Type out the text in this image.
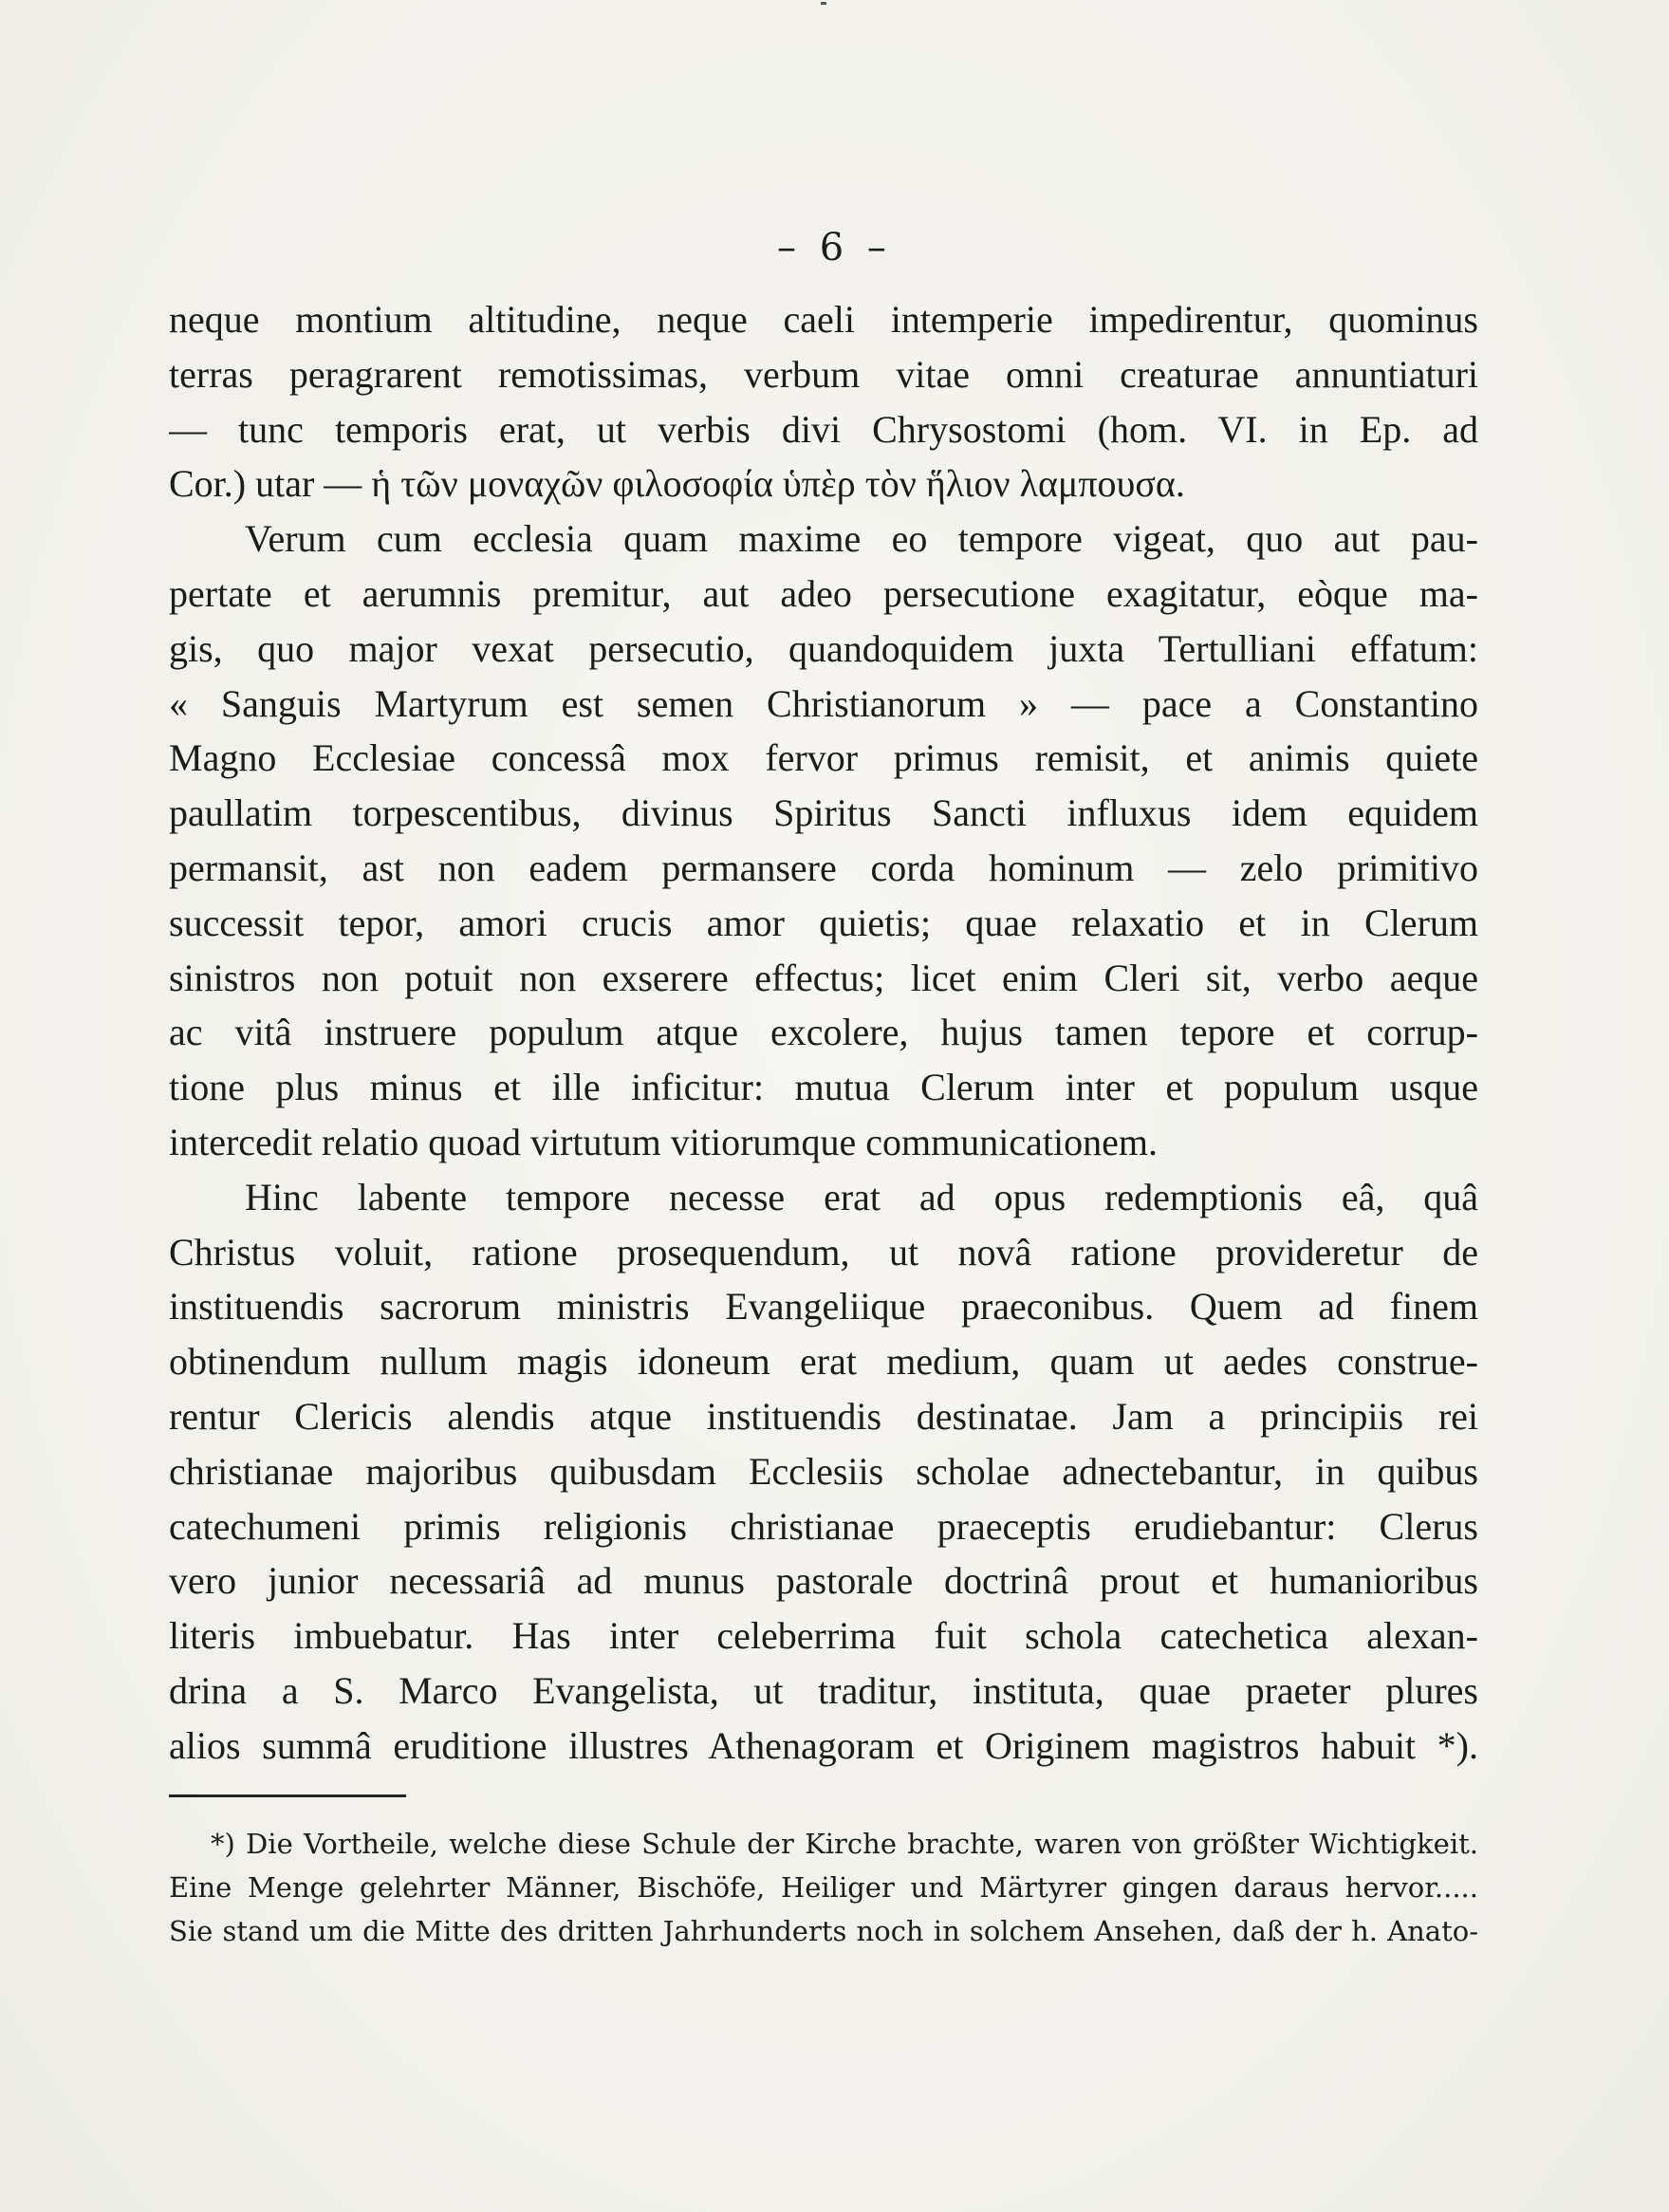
– 6 –
neque montium altitudine, neque caeli intemperie impedirentur, quominus
terras peragrarent remotissimas, verbum vitae omni creaturae annuntiaturi
— tunc temporis erat, ut verbis divi Chrysostomi (hom. VI. in Ep. ad
Cor.) utar — ἡ τῶν μοναχῶν φιλοσοφία ὑπὲρ τὸν ἥλιον λαμπουσα.
Verum cum ecclesia quam maxime eo tempore vigeat, quo aut pau-
pertate et aerumnis premitur, aut adeo persecutione exagitatur, eòque ma-
gis, quo major vexat persecutio, quandoquidem juxta Tertulliani effatum:
« Sanguis Martyrum est semen Christianorum » — pace a Constantino
Magno Ecclesiae concessâ mox fervor primus remisit, et animis quiete
paullatim torpescentibus, divinus Spiritus Sancti influxus idem equidem
permansit, ast non eadem permansere corda hominum — zelo primitivo
successit tepor, amori crucis amor quietis; quae relaxatio et in Clerum
sinistros non potuit non exserere effectus; licet enim Cleri sit, verbo aeque
ac vitâ instruere populum atque excolere, hujus tamen tepore et corrup-
tione plus minus et ille inficitur: mutua Clerum inter et populum usque
intercedit relatio quoad virtutum vitiorumque communicationem.
Hinc labente tempore necesse erat ad opus redemptionis eâ, quâ
Christus voluit, ratione prosequendum, ut novâ ratione provideretur de
instituendis sacrorum ministris Evangeliique praeconibus. Quem ad finem
obtinendum nullum magis idoneum erat medium, quam ut aedes construe-
rentur Clericis alendis atque instituendis destinatae. Jam a principiis rei
christianae majoribus quibusdam Ecclesiis scholae adnectebantur, in quibus
catechumeni primis religionis christianae praeceptis erudiebantur: Clerus
vero junior necessariâ ad munus pastorale doctrinâ prout et humanioribus
literis imbuebatur. Has inter celeberrima fuit schola catechetica alexan-
drina a S. Marco Evangelista, ut traditur, instituta, quae praeter plures
alios summâ eruditione illustres Athenagoram et Originem magistros habuit *).
*) Die Vortheile, welche diese Schule der Kirche brachte, waren von größter Wichtigkeit.
Eine Menge gelehrter Männer, Bischöfe, Heiliger und Märtyrer gingen daraus hervor.....
Sie stand um die Mitte des dritten Jahrhunderts noch in solchem Ansehen, daß der h. Anato-
